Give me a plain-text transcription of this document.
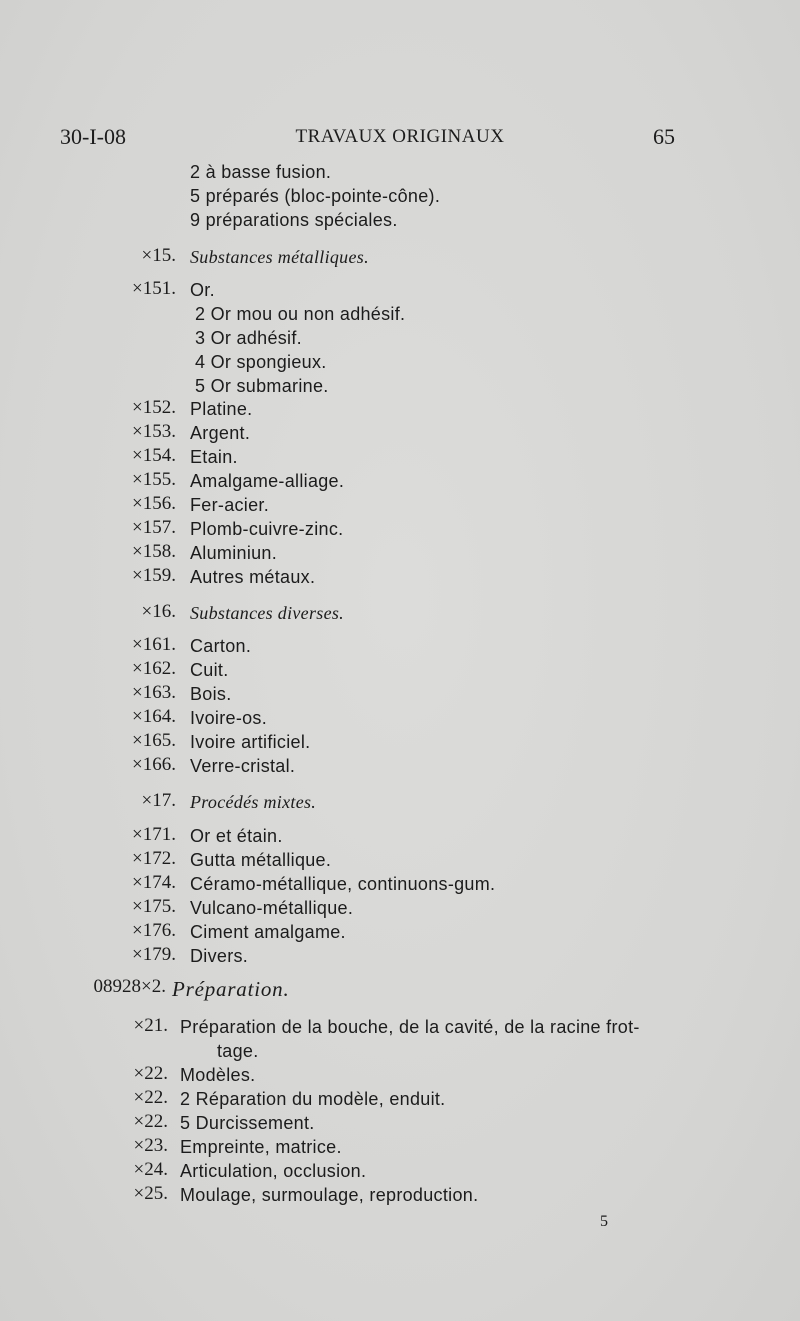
30-I-08	TRAVAUX ORIGINAUX	65
2 à basse fusion.
5 préparés (bloc-pointe-cône).
9 préparations spéciales.
×15. Substances métalliques.
×151. Or.
2 Or mou ou non adhésif.
3 Or adhésif.
4 Or spongieux.
5 Or submarine.
×152. Platine.
×153. Argent.
×154. Etain.
×155. Amalgame-alliage.
×156. Fer-acier.
×157. Plomb-cuivre-zinc.
×158. Aluminiun.
×159. Autres métaux.
×16. Substances diverses.
×161. Carton.
×162. Cuit.
×163. Bois.
×164. Ivoire-os.
×165. Ivoire artificiel.
×166. Verre-cristal.
×17. Procédés mixtes.
×171. Or et étain.
×172. Gutta métallique.
×174. Céramo-métallique, continuons-gum.
×175. Vulcano-métallique.
×176. Ciment amalgame.
×179. Divers.
08928×2. Préparation.
×21. Préparation de la bouche, de la cavité, de la racine frot-
tage.
×22. Modèles.
×22. 2 Réparation du modèle, enduit.
×22. 5 Durcissement.
×23. Empreinte, matrice.
×24. Articulation, occlusion.
×25. Moulage, surmoulage, reproduction.
5
